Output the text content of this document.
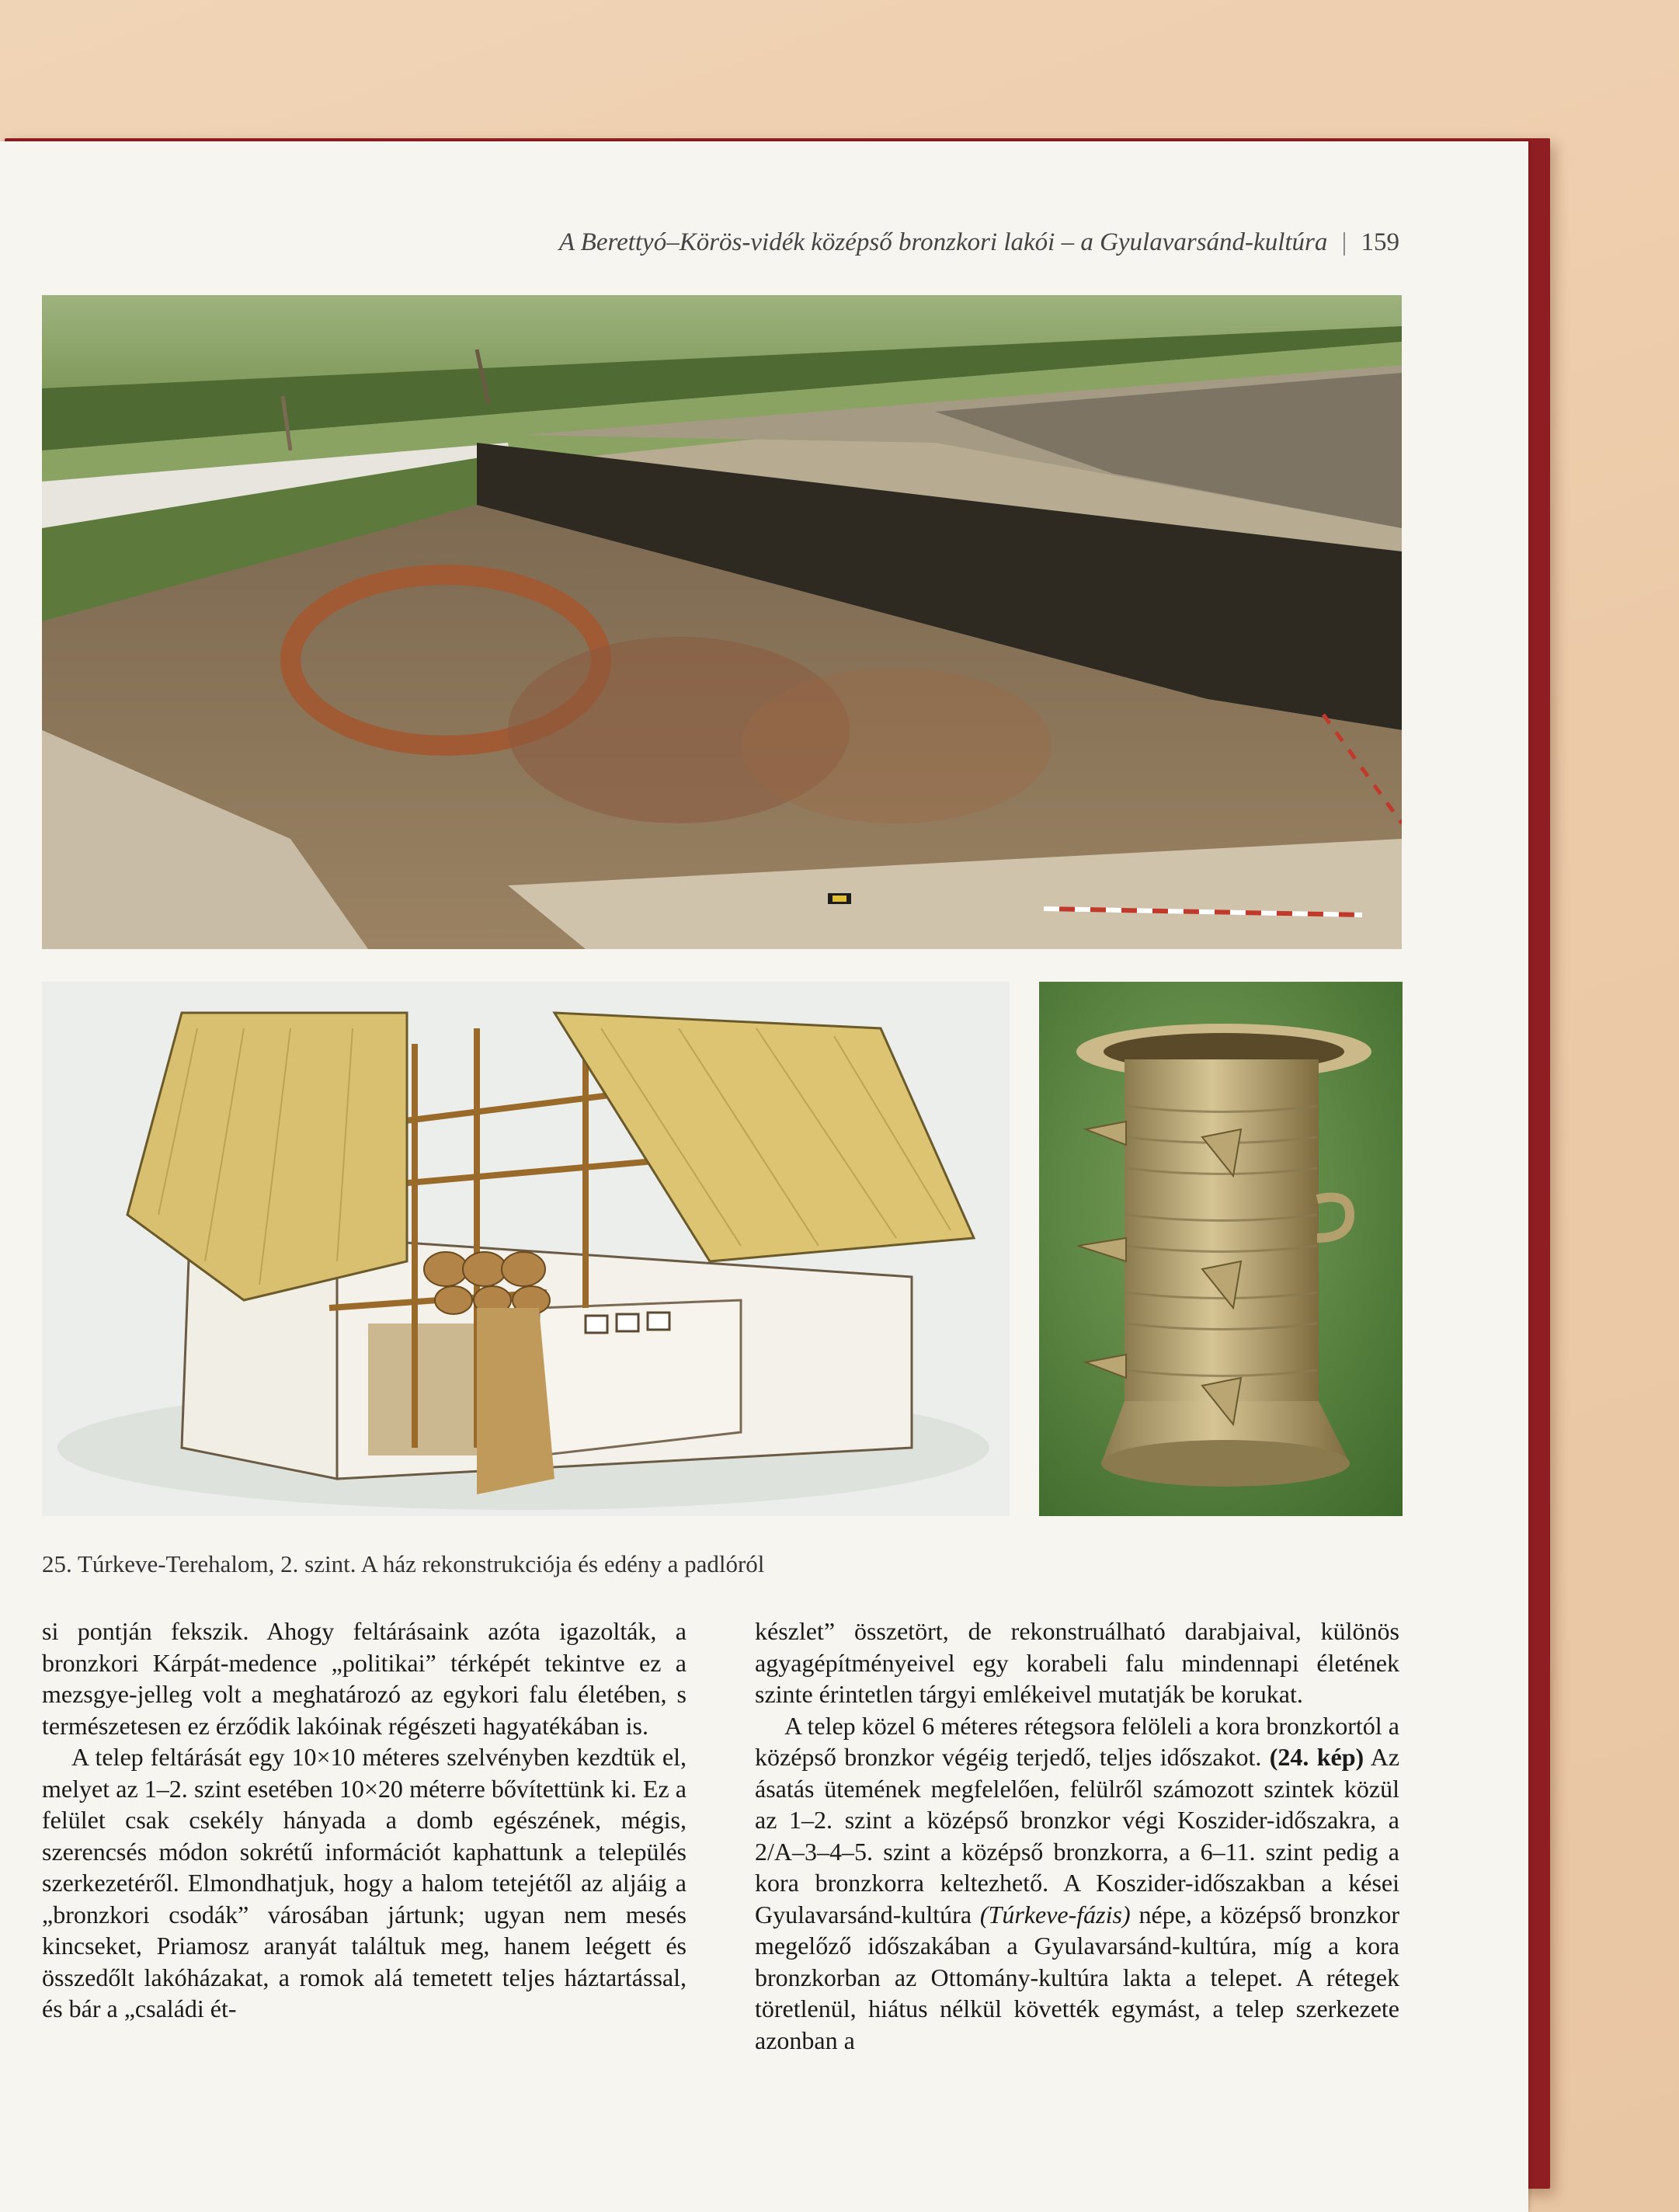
A Berettyó–Körös-vidék középső bronzkori lakói – a Gyulavarsánd-kultúra | 159
25. Túrkeve-Terehalom, 2. szint. A ház rekonstrukciója és edény a padlóról

si pontján fekszik. Ahogy feltárásaink azóta igazolták, a bronzkori Kárpát-medence „politikai” térképét tekintve ez a mezsgye-jelleg volt a meghatározó az egykori falu életében, s természetesen ez érződik lakóinak régészeti hagyatékában is.

A telep feltárását egy 10×10 méteres szelvényben kezdtük el, melyet az 1–2. szint esetében 10×20 méterre bővítettünk ki. Ez a felület csak csekély hányada a domb egészének, mégis, szerencsés módon sokrétű információt kaphattunk a település szerkezetéről. Elmondhatjuk, hogy a halom tetejétől az aljáig a „bronzkori csodák” városában jártunk; ugyan nem mesés kincseket, Priamosz aranyát találtuk meg, hanem leégett és összedőlt lakóházakat, a romok alá temetett teljes háztartással, és bár a „családi ét-

készlet” összetört, de rekonstruálható darabjaival, különös agyagépítményeivel egy korabeli falu mindennapi életének szinte érintetlen tárgyi emlékeivel mutatják be korukat.

A telep közel 6 méteres rétegsora felöleli a kora bronzkortól a középső bronzkor végéig terjedő, teljes időszakot. (24. kép) Az ásatás ütemének megfelelően, felülről számozott szintek közül az 1–2. szint a középső bronzkor végi Koszider-időszakra, a 2/A–3–4–5. szint a középső bronzkorra, a 6–11. szint pedig a kora bronzkorra keltezhető. A Koszider-időszakban a kései Gyulavarsánd-kultúra (Túrkeve-fázis) népe, a középső bronzkor megelőző időszakában a Gyulavarsánd-kultúra, míg a kora bronzkorban az Ottomány-kultúra lakta a telepet. A rétegek töretlenül, hiátus nélkül követték egymást, a telep szerkezete azonban a
